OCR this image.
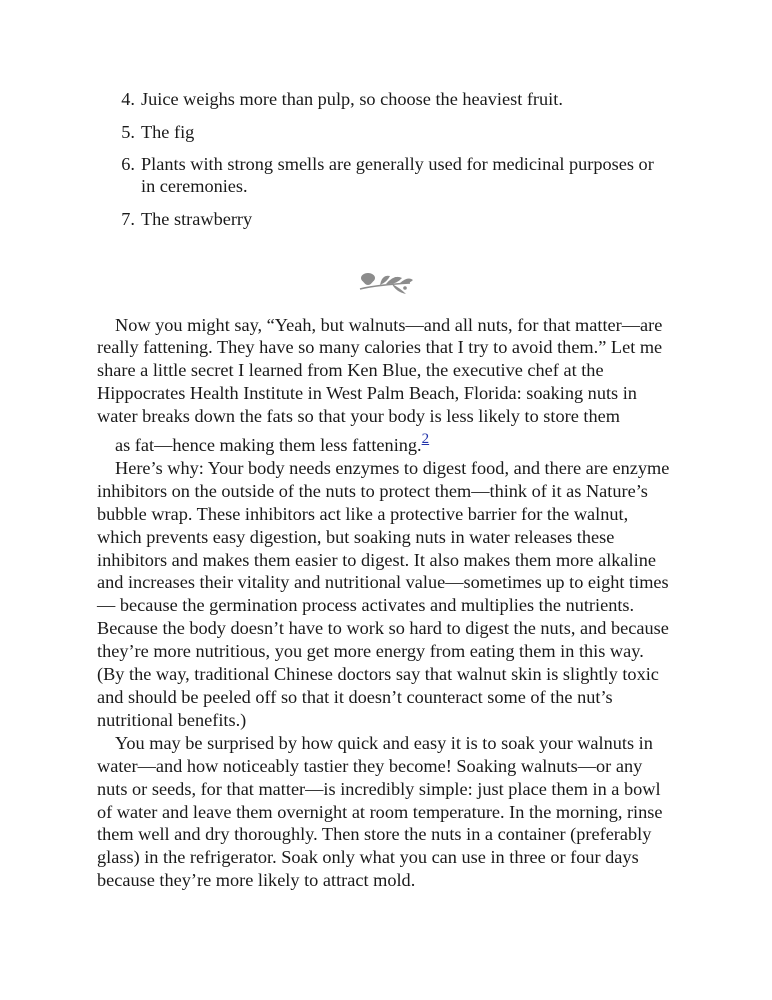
4. Juice weighs more than pulp, so choose the heaviest fruit.
5. The fig
6. Plants with strong smells are generally used for medicinal purposes or in ceremonies.
7. The strawberry

Now you might say, “Yeah, but walnuts—and all nuts, for that matter—are really fattening. They have so many calories that I try to avoid them.” Let me share a little secret I learned from Ken Blue, the executive chef at the Hippocrates Health Institute in West Palm Beach, Florida: soaking nuts in water breaks down the fats so that your body is less likely to store them as fat—hence making them less fattening.$^2$

Here’s why: Your body needs enzymes to digest food, and there are enzyme inhibitors on the outside of the nuts to protect them—think of it as Nature’s bubble wrap. These inhibitors act like a protective barrier for the walnut, which prevents easy digestion, but soaking nuts in water releases these inhibitors and makes them easier to digest. It also makes them more alkaline and increases their vitality and nutritional value—sometimes up to eight times— because the germination process activates and multiplies the nutrients. Because the body doesn’t have to work so hard to digest the nuts, and because they’re more nutritious, you get more energy from eating them in this way. (By the way, traditional Chinese doctors say that walnut skin is slightly toxic and should be peeled off so that it doesn’t counteract some of the nut’s nutritional benefits.)

You may be surprised by how quick and easy it is to soak your walnuts in water—and how noticeably tastier they become! Soaking walnuts—or any nuts or seeds, for that matter—is incredibly simple: just place them in a bowl of water and leave them overnight at room temperature. In the morning, rinse them well and dry thoroughly. Then store the nuts in a container (preferably glass) in the refrigerator. Soak only what you can use in three or four days because they’re more likely to attract mold.
